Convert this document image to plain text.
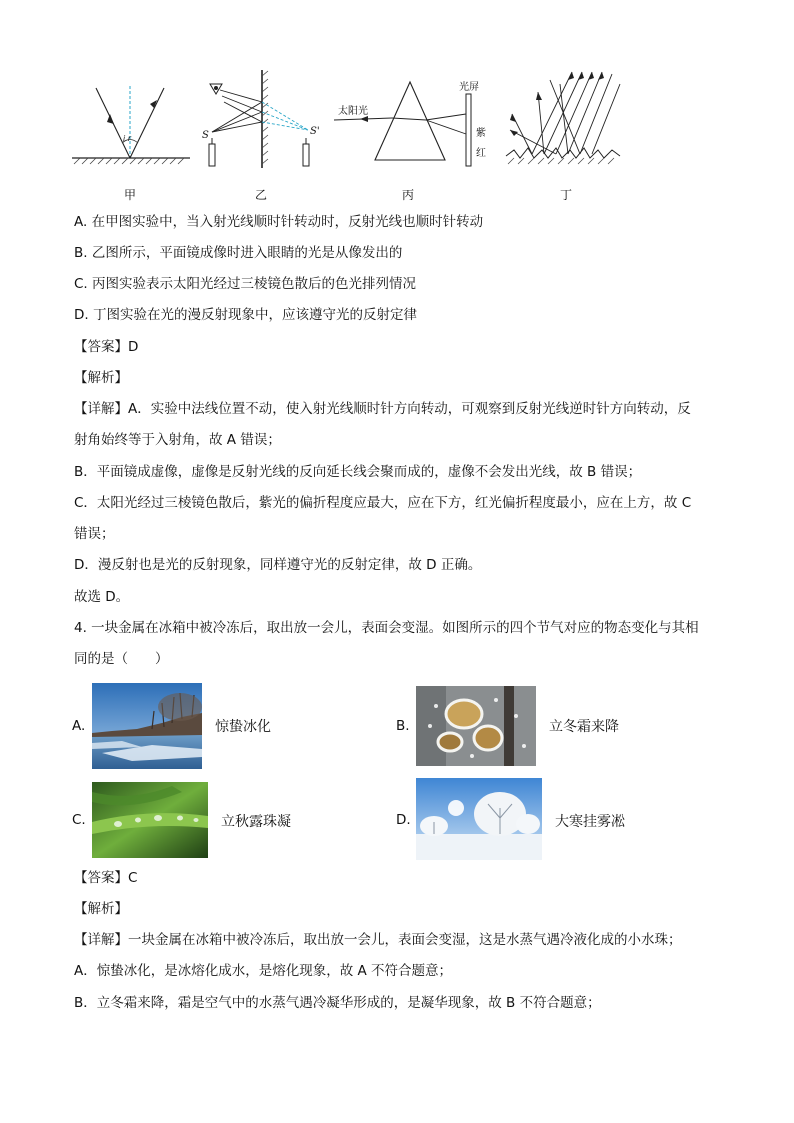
i r	S	S'
太阳光
光屏
紫
红
甲	乙	丙	丁
A. 在甲图实验中，当入射光线顺时针转动时，反射光线也顺时针转动
B. 乙图所示，平面镜成像时进入眼睛的光是从像发出的
C. 丙图实验表示太阳光经过三棱镜色散后的色光排列情况
D. 丁图实验在光的漫反射现象中，应该遵守光的反射定律
【答案】D
【解析】
【详解】A．实验中法线位置不动，使入射光线顺时针方向转动，可观察到反射光线逆时针方向转动，反
射角始终等于入射角，故 A 错误；
B．平面镜成虚像，虚像是反射光线的反向延长线会聚而成的，虚像不会发出光线，故 B 错误；
C．太阳光经过三棱镜色散后，紫光的偏折程度应最大，应在下方，红光偏折程度最小，应在上方，故 C
错误；
D．漫反射也是光的反射现象，同样遵守光的反射定律，故 D 正确。
故选 D。
4. 一块金属在冰箱中被冷冻后，取出放一会儿，表面会变湿。如图所示的四个节气对应的物态变化与其相
同的是（　　）
A.	惊蛰冰化	B.	立冬霜来降
C.	立秋露珠凝	D.	大寒挂雾凇
【答案】C
【解析】
【详解】一块金属在冰箱中被冷冻后，取出放一会儿，表面会变湿，这是水蒸气遇冷液化成的小水珠；
A．惊蛰冰化，是冰熔化成水，是熔化现象，故 A 不符合题意；
B．立冬霜来降，霜是空气中的水蒸气遇冷凝华形成的，是凝华现象，故 B 不符合题意；
